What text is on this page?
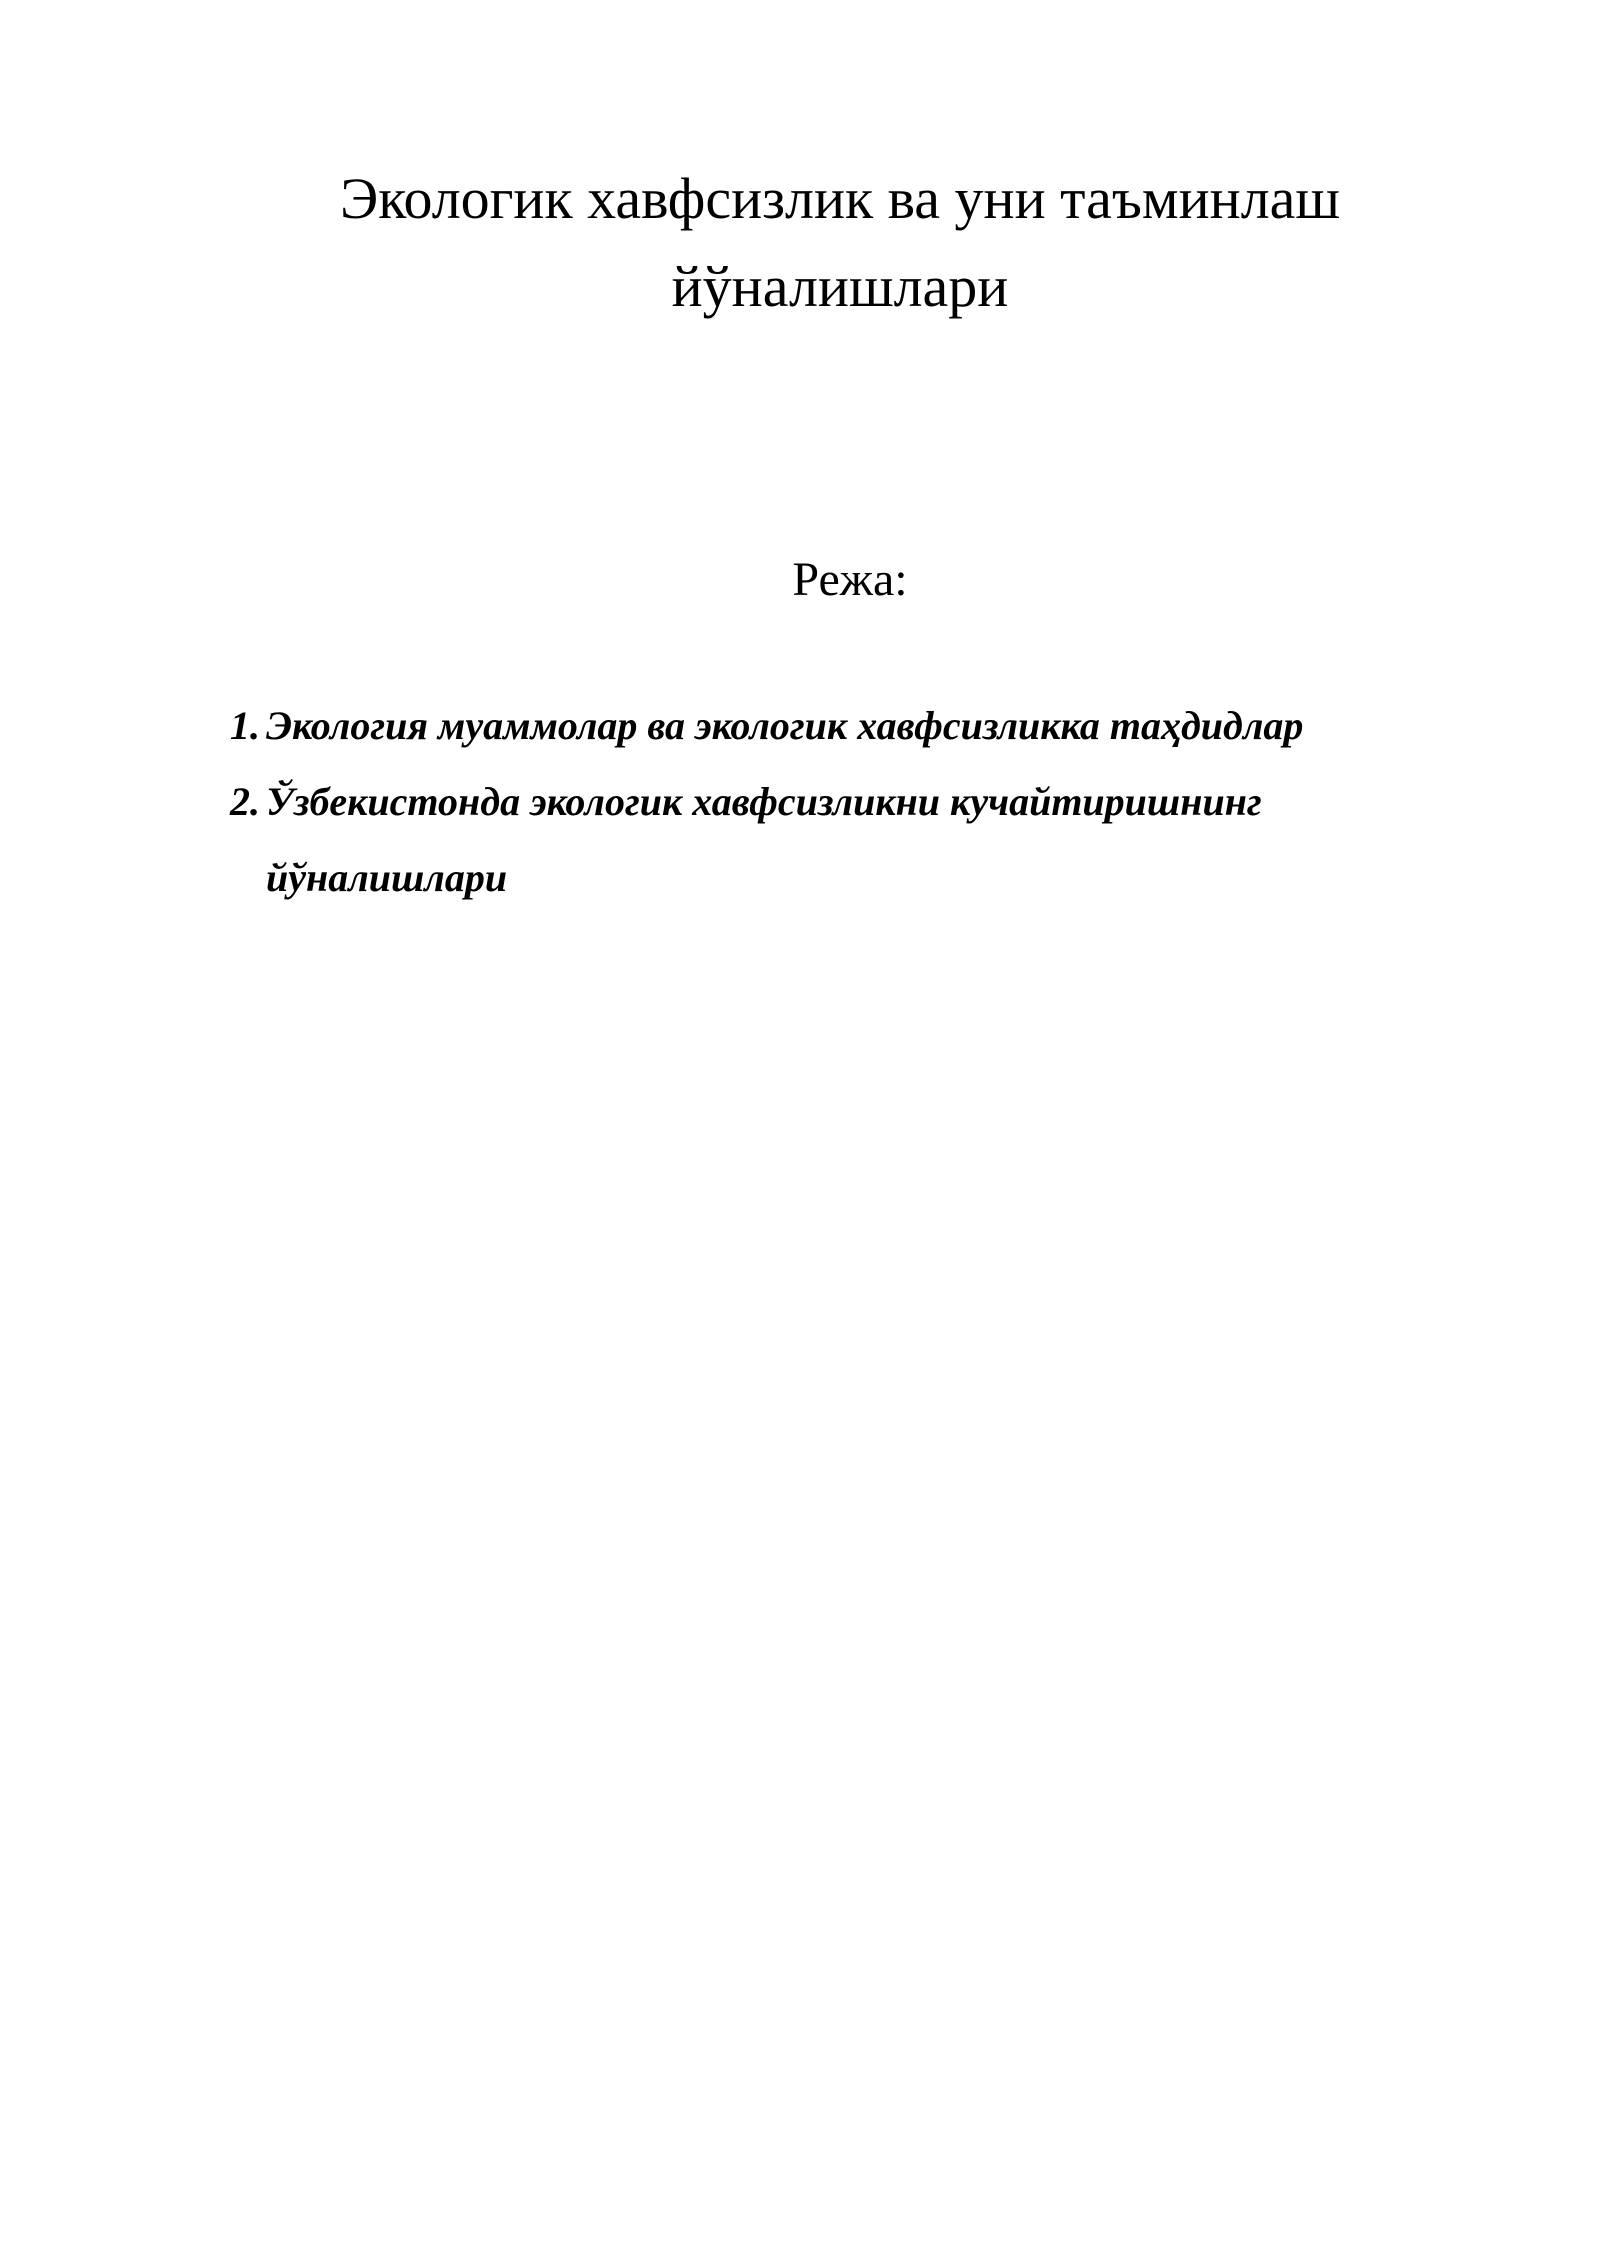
Экологик хавфсизлик ва уни таъминлаш
йўналишлари

Режа:

1. Экология муаммолар ва экологик хавфсизликка таҳдидлар
2. Ўзбекистонда экологик хавфсизликни кучайтиришнинг йўналишлари
